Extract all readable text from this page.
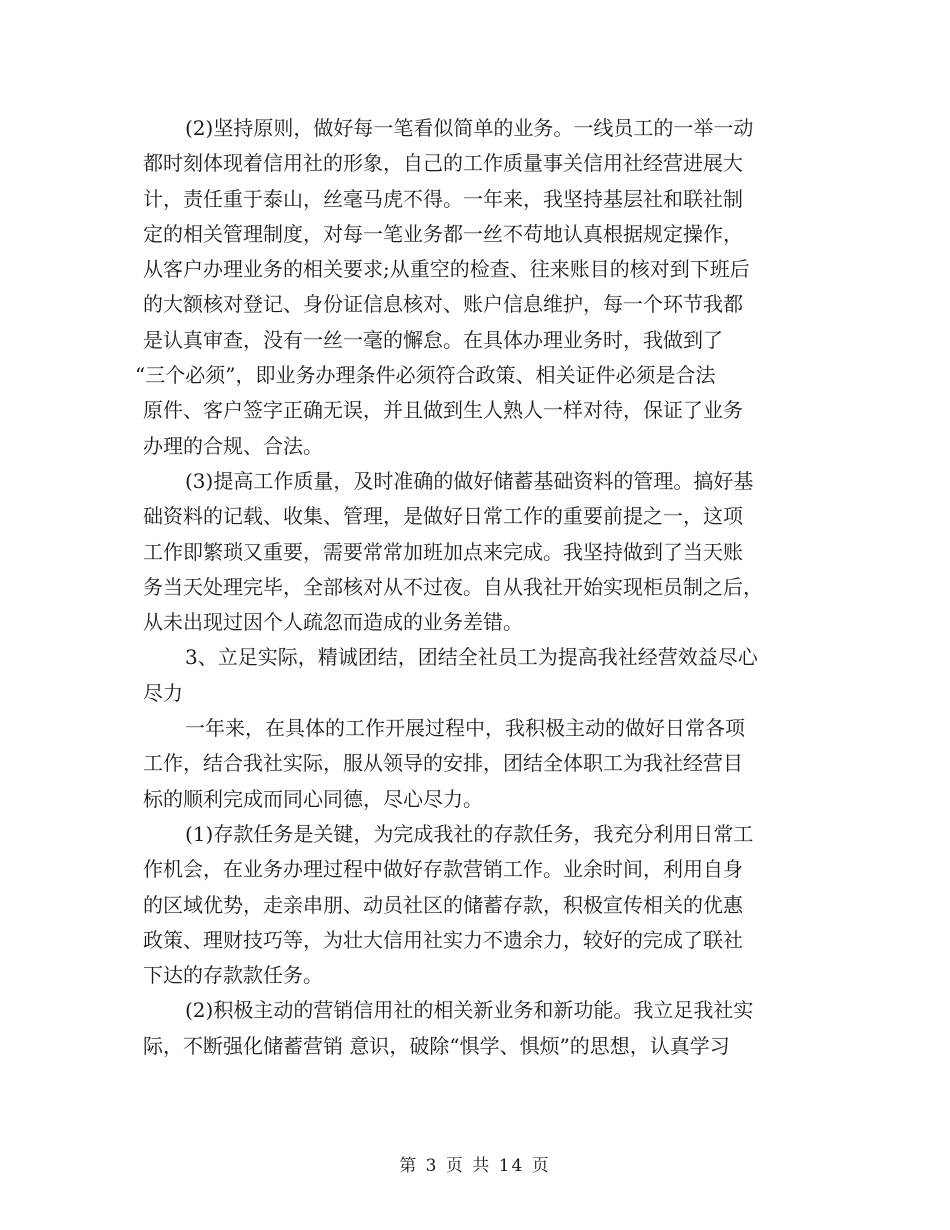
(2)坚持原则，做好每一笔看似简单的业务。一线员工的一举一动
都时刻体现着信用社的形象，自己的工作质量事关信用社经营进展大
计，责任重于泰山，丝毫马虎不得。一年来，我坚持基层社和联社制
定的相关管理制度，对每一笔业务都一丝不苟地认真根据规定操作，
从客户办理业务的相关要求;从重空的检查、往来账目的核对到下班后
的大额核对登记、身份证信息核对、账户信息维护，每一个环节我都
是认真审查，没有一丝一毫的懈怠。在具体办理业务时，我做到了
“三个必须”，即业务办理条件必须符合政策、相关证件必须是合法
原件、客户签字正确无误，并且做到生人熟人一样对待，保证了业务
办理的合规、合法。
(3)提高工作质量，及时准确的做好储蓄基础资料的管理。搞好基
础资料的记载、收集、管理，是做好日常工作的重要前提之一，这项
工作即繁琐又重要，需要常常加班加点来完成。我坚持做到了当天账
务当天处理完毕，全部核对从不过夜。自从我社开始实现柜员制之后，
从未出现过因个人疏忽而造成的业务差错。
3、立足实际，精诚团结，团结全社员工为提高我社经营效益尽心
尽力
一年来，在具体的工作开展过程中，我积极主动的做好日常各项
工作，结合我社实际，服从领导的安排，团结全体职工为我社经营目
标的顺利完成而同心同德，尽心尽力。
(1)存款任务是关键，为完成我社的存款任务，我充分利用日常工
作机会，在业务办理过程中做好存款营销工作。业余时间，利用自身
的区域优势，走亲串朋、动员社区的储蓄存款，积极宣传相关的优惠
政策、理财技巧等，为壮大信用社实力不遗余力，较好的完成了联社
下达的存款款任务。
(2)积极主动的营销信用社的相关新业务和新功能。我立足我社实
际，不断强化储蓄营销 意识，破除“惧学、惧烦”的思想，认真学习
第 3 页 共 14 页
